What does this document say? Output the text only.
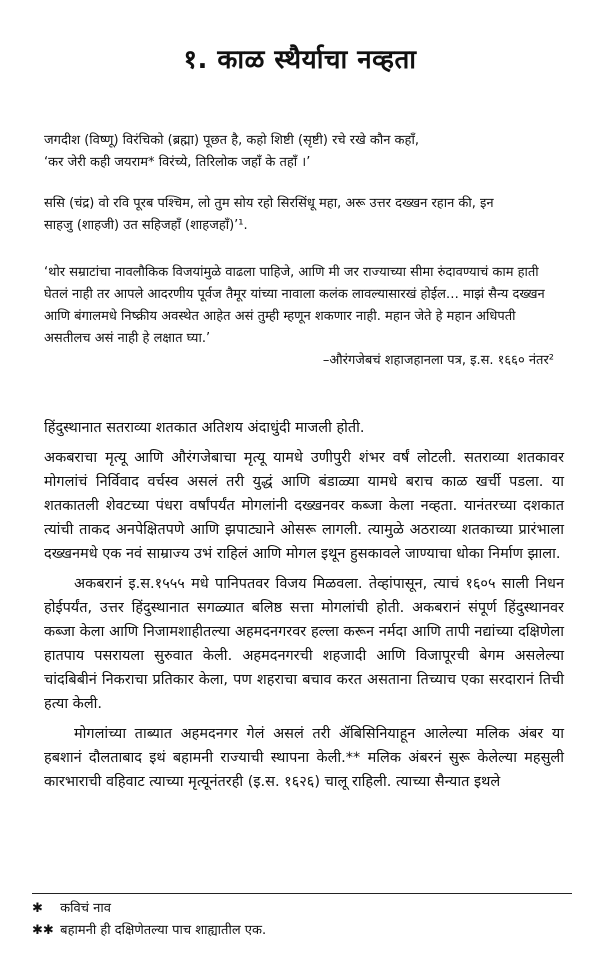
१. काळ स्थैर्याचा नव्हता

जगदीश (विष्णू) विरंचिको (ब्रह्मा) पूछत है, कहो शिष्टी (सृष्टी) रचे रखे कौन कहाँ,

‘कर जेरी कही जयराम* विरंच्ये, तिरिलोक जहाँ के तहाँ ।’

ससि (चंद्र) वो रवि पूरब पश्चिम, लो तुम सोय रहो सिरसिंधू महा, अरू उत्तर दख्खन रहान की, इन

साहजु (शाहजी) उत सहिजहाँ (शाहजहाँ)’¹.

‘थोर सम्राटांचा नावलौकिक विजयांमुळे वाढला पाहिजे, आणि मी जर राज्याच्या सीमा रुंदावण्याचं काम हाती घेतलं नाही तर आपले आदरणीय पूर्वज तैमूर यांच्या नावाला कलंक लावल्यासारखं होईल… माझं सैन्य दख्खन आणि बंगालमधे निष्क्रीय अवस्थेत आहेत असं तुम्ही म्हणून शकणार नाही. महान जेते हे महान अधिपती असतीलच असं नाही हे लक्षात घ्या.’

–औरंगजेबचं शहाजहानला पत्र, इ.स. १६६० नंतर²

हिंदुस्थानात सतराव्या शतकात अतिशय अंदाधुंदी माजली होती.

अकबराचा मृत्यू आणि औरंगजेबाचा मृत्यू यामधे उणीपुरी शंभर वर्षं लोटली. सतराव्या शतकावर मोगलांचं निर्विवाद वर्चस्व असलं तरी युद्धं आणि बंडाळ्या यामधे बराच काळ खर्ची पडला. या शतकातली शेवटच्या पंधरा वर्षांपर्यंत मोगलांनी दख्खनवर कब्जा केला नव्हता. यानंतरच्या दशकात त्यांची ताकद अनपेक्षितपणे आणि झपाट्याने ओसरू लागली. त्यामुळे अठराव्या शतकाच्या प्रारंभाला दख्खनमधे एक नवं साम्राज्य उभं राहिलं आणि मोगल इथून हुसकावले जाण्याचा धोका निर्माण झाला.

अकबरानं इ.स.१५५५ मधे पानिपतवर विजय मिळवला. तेव्हांपासून, त्याचं १६०५ साली निधन होईपर्यंत, उत्तर हिंदुस्थानात सगळ्यात बलिष्ठ सत्ता मोगलांची होती. अकबरानं संपूर्ण हिंदुस्थानवर कब्जा केला आणि निजामशाहीतल्या अहमदनगरवर हल्ला करून नर्मदा आणि तापी नद्यांच्या दक्षिणेला हातपाय पसरायला सुरुवात केली. अहमदनगरची शहजादी आणि विजापूरची बेगम असलेल्या चांदबिबीनं निकराचा प्रतिकार केला, पण शहराचा बचाव करत असताना तिच्याच एका सरदारानं तिची हत्या केली.

मोगलांच्या ताब्यात अहमदनगर गेलं असलं तरी ॲबिसिनियाहून आलेल्या मलिक अंबर या हबशानं दौलताबाद इथं बहामनी राज्याची स्थापना केली.** मलिक अंबरनं सुरू केलेल्या महसुली कारभाराची वहिवाट त्याच्या मृत्यूनंतरही (इ.स. १६२६) चालू राहिली. त्याच्या सैन्यात इथले

✱ कविचं नाव

✱✱ बहामनी ही दक्षिणेतल्या पाच शाह्यातील एक.
